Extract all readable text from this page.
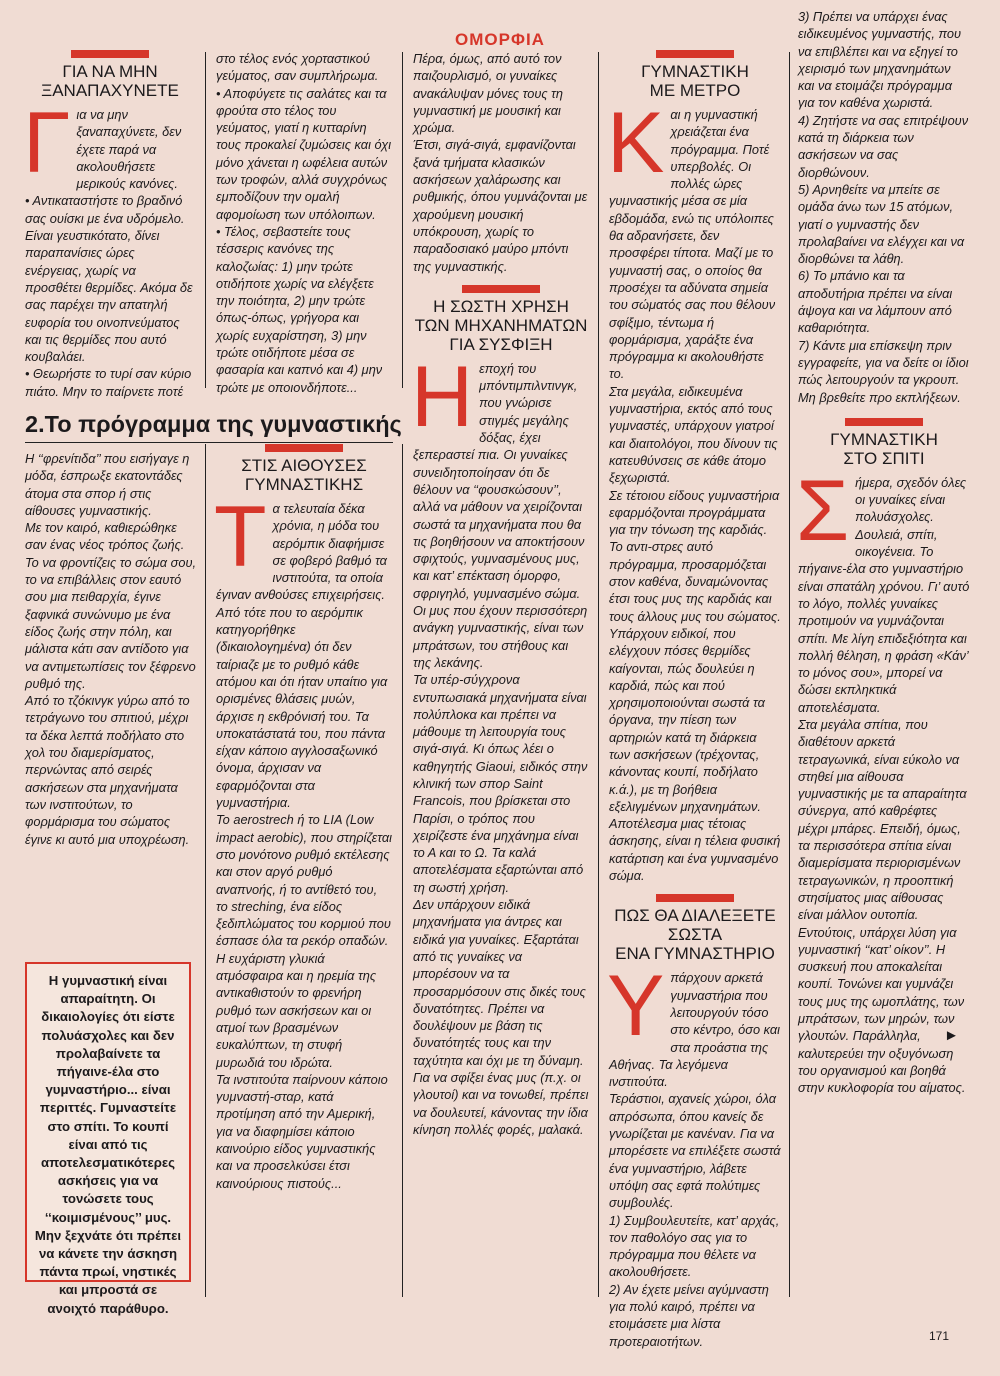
ΟΜΟΡΦΙΑ
ΓΙΑ ΝΑ ΜΗΝ
ΞΑΝΑΠΑΧΥΝΕΤΕ

Για να μην ξαναπαχύνετε, δεν έχετε παρά να ακολουθήσετε μερικούς κανόνες.

• Αντικαταστήστε το βραδινό σας ουίσκι με ένα υδρόμελο. Είναι γευστικότατο, δίνει παραπανίσιες ώρες ενέργειας, χωρίς να προσθέτει θερμίδες. Ακόμα δε σας παρέχει την απατηλή ευφορία του οινοπνεύματος και τις θερμίδες που αυτό κουβαλάει.

• Θεωρήστε το τυρί σαν κύριο πιάτο. Μην το παίρνετε ποτέ

στο τέλος ενός χορταστικού γεύματος, σαν συμπλήρωμα.

• Αποφύγετε τις σαλάτες και τα φρούτα στο τέλος του γεύματος, γιατί η κυτταρίνη τους προκαλεί ζυμώσεις και όχι μόνο χάνεται η ωφέλεια αυτών των τροφών, αλλά συγχρόνως εμποδίζουν την ομαλή αφομοίωση των υπόλοιπων.

• Τέλος, σεβαστείτε τους τέσσερις κανόνες της καλοζωίας: 1) μην τρώτε οτιδήποτε χωρίς να ελέγξετε την ποιότητα, 2) μην τρώτε όπως-όπως, γρήγορα και χωρίς ευχαρίστηση, 3) μην τρώτε οτιδήποτε μέσα σε φασαρία και καπνό και 4) μην τρώτε με οποιονδήποτε...

2.Το πρόγραμμα της γυμναστικής

Η ‘‘φρενίτιδα’’ που εισήγαγε η μόδα, έσπρωξε εκατοντάδες άτομα στα σπορ ή στις αίθουσες γυμναστικής.

Με τον καιρό, καθιερώθηκε σαν ένας νέος τρόπος ζωής. Το να φροντίζεις το σώμα σου, το να επιβάλλεις στον εαυτό σου μια πειθαρχία, έγινε ξαφνικά συνώνυμο με ένα είδος ζωής στην πόλη, και μάλιστα κάτι σαν αντίδοτο για να αντιμετωπίσεις τον ξέφρενο ρυθμό της.

Από το τζόκινγκ γύρω από το τετράγωνο του σπιτιού, μέχρι τα δέκα λεπτά ποδήλατο στο χολ του διαμερίσματος, περνώντας από σειρές ασκήσεων στα μηχανήματα των ινστιτούτων, το φορμάρισμα του σώματος έγινε κι αυτό μια υποχρέωση.

Η γυμναστική είναι απαραίτητη. Οι δικαιολογίες ότι είστε πολυάσχολες και δεν προλαβαίνετε τα πήγαινε-έλα στο γυμναστήριο... είναι περιττές. Γυμναστείτε στο σπίτι. Το κουπί είναι από τις αποτελεσματικότερες ασκήσεις για να τονώσετε τους ‘‘κοιμισμένους’’ μυς. Μην ξεχνάτε ότι πρέπει να κάνετε την άσκηση πάντα πρωί, νηστικές και μπροστά σε ανοιχτό παράθυρο.
ΣΤΙΣ ΑΙΘΟΥΣΕΣ
ΓΥΜΝΑΣΤΙΚΗΣ

Τα τελευταία δέκα χρόνια, η μόδα του αερόμπικ διαφήμισε σε φοβερό βαθμό τα ινστιτούτα, τα οποία έγιναν ανθούσες επιχειρήσεις. Από τότε που το αερόμπικ κατηγορήθηκε (δικαιολογημένα) ότι δεν ταίριαζε με το ρυθμό κάθε ατόμου και ότι ήταν υπαίτιο για ορισμένες θλάσεις μυών, άρχισε η εκθρόνισή του. Τα υποκατάστατά του, που πάντα είχαν κάποιο αγγλοσαξωνικό όνομα, άρχισαν να εφαρμόζονται στα γυμναστήρια.

Το aerostrech ή το LIA (Low impact aerobic), που στηρίζεται στο μονότονο ρυθμό εκτέλεσης και στον αργό ρυθμό αναπνοής, ή το αντίθετό του, το streching, ένα είδος ξεδιπλώματος του κορμιού που έσπασε όλα τα ρεκόρ οπαδών. Η ευχάριστη γλυκιά ατμόσφαιρα και η ηρεμία της αντικαθιστούν το φρενήρη ρυθμό των ασκήσεων και οι ατμοί των βρασμένων ευκαλύπτων, τη στυφή μυρωδιά του ιδρώτα.

Τα ινστιτούτα παίρνουν κάποιο γυμναστή-σταρ, κατά προτίμηση από την Αμερική, για να διαφημίσει κάποιο καινούριο είδος γυμναστικής και να προσελκύσει έτσι καινούριους πιστούς...

Πέρα, όμως, από αυτό τον παιζουρλισμό, οι γυναίκες ανακάλυψαν μόνες τους τη γυμναστική με μουσική και χρώμα.

Έτσι, σιγά-σιγά, εμφανίζονται ξανά τμήματα κλασικών ασκήσεων χαλάρωσης και ρυθμικής, όπου γυμνάζονται με χαρούμενη μουσική υπόκρουση, χωρίς το παραδοσιακό μαύρο μπόντι της γυμναστικής.

Η ΣΩΣΤΗ ΧΡΗΣΗ
ΤΩΝ ΜΗΧΑΝΗΜΑΤΩΝ
ΓΙΑ ΣΥΣΦΙΞΗ

Ηεποχή του μπόντιμπιλντινγκ, που γνώρισε στιγμές μεγάλης δόξας, έχει ξεπεραστεί πια. Οι γυναίκες συνειδητοποίησαν ότι δε θέλουν να ‘‘φουσκώσουν’’, αλλά να μάθουν να χειρίζονται σωστά τα μηχανήματα που θα τις βοηθήσουν να αποκτήσουν σφιχτούς, γυμνασμένους μυς, και κατ’ επέκταση όμορφο, σφριγηλό, γυμνασμένο σώμα. Οι μυς που έχουν περισσότερη ανάγκη γυμναστικής, είναι των μπράτσων, του στήθους και της λεκάνης.

Τα υπέρ-σύγχρονα εντυπωσιακά μηχανήματα είναι πολύπλοκα και πρέπει να μάθουμε τη λειτουργία τους σιγά-σιγά. Κι όπως λέει ο καθηγητής Giaoui, ειδικός στην κλινική των σπορ Saint Francois, που βρίσκεται στο Παρίσι, ο τρόπος που χειρίζεστε ένα μηχάνημα είναι το Α και το Ω. Τα καλά αποτελέσματα εξαρτώνται από τη σωστή χρήση.

Δεν υπάρχουν ειδικά μηχανήματα για άντρες και ειδικά για γυναίκες. Εξαρτάται από τις γυναίκες να μπορέσουν να τα προσαρμόσουν στις δικές τους δυνατότητες. Πρέπει να δουλέψουν με βάση τις δυνατότητές τους και την ταχύτητα και όχι με τη δύναμη. Για να σφίξει ένας μυς (π.χ. οι γλουτοί) και να τονωθεί, πρέπει να δουλευτεί, κάνοντας την ίδια κίνηση πολλές φορές, μαλακά.

ΓΥΜΝΑΣΤΙΚΗ
ΜΕ ΜΕΤΡΟ

Και η γυμναστική χρειάζεται ένα πρόγραμμα. Ποτέ υπερβολές. Οι πολλές ώρες γυμναστικής μέσα σε μία εβδομάδα, ενώ τις υπόλοιπες θα αδρανήσετε, δεν προσφέρει τίποτα. Μαζί με το γυμναστή σας, ο οποίος θα προσέχει τα αδύνατα σημεία του σώματός σας που θέλουν σφίξιμο, τέντωμα ή φορμάρισμα, χαράξτε ένα πρόγραμμα κι ακολουθήστε το.

Στα μεγάλα, ειδικευμένα γυμναστήρια, εκτός από τους γυμναστές, υπάρχουν γιατροί και διαιτολόγοι, που δίνουν τις κατευθύνσεις σε κάθε άτομο ξεχωριστά.

Σε τέτοιου είδους γυμναστήρια εφαρμόζονται προγράμματα για την τόνωση της καρδιάς.

Το αντι-στρες αυτό πρόγραμμα, προσαρμόζεται στον καθένα, δυναμώνοντας έτσι τους μυς της καρδιάς και τους άλλους μυς του σώματος. Υπάρχουν ειδικοί, που ελέγχουν πόσες θερμίδες καίγονται, πώς δουλεύει η καρδιά, πώς και πού χρησιμοποιούνται σωστά τα όργανα, την πίεση των αρτηριών κατά τη διάρκεια των ασκήσεων (τρέχοντας, κάνοντας κουπί, ποδήλατο κ.ά.), με τη βοήθεια εξελιγμένων μηχανημάτων.

Αποτέλεσμα μιας τέτοιας άσκησης, είναι η τέλεια φυσική κατάρτιση και ένα γυμνασμένο σώμα.

ΠΩΣ ΘΑ ΔΙΑΛΕΞΕΤΕ ΣΩΣΤΑ
ΕΝΑ ΓΥΜΝΑΣΤΗΡΙΟ

Υπάρχουν αρκετά γυμναστήρια που λειτουργούν τόσο στο κέντρο, όσο και στα προάστια της Αθήνας. Τα λεγόμενα ινστιτούτα.

Τεράστιοι, αχανείς χώροι, όλα απρόσωπα, όπου κανείς δε γνωρίζεται με κανέναν. Για να μπορέσετε να επιλέξετε σωστά ένα γυμναστήριο, λάβετε υπόψη σας εφτά πολύτιμες συμβουλές.

1) Συμβουλευτείτε, κατ’ αρχάς, τον παθολόγο σας για το πρόγραμμα που θέλετε να ακολουθήσετε.

2) Αν έχετε μείνει αγύμναστη για πολύ καιρό, πρέπει να ετοιμάσετε μια λίστα προτεραιοτήτων.

3) Πρέπει να υπάρχει ένας ειδικευμένος γυμναστής, που να επιβλέπει και να εξηγεί το χειρισμό των μηχανημάτων και να ετοιμάζει πρόγραμμα για τον καθένα χωριστά.

4) Ζητήστε να σας επιτρέψουν κατά τη διάρκεια των ασκήσεων να σας διορθώνουν.

5) Αρνηθείτε να μπείτε σε ομάδα άνω των 15 ατόμων, γιατί ο γυμναστής δεν προλαβαίνει να ελέγχει και να διορθώνει τα λάθη.

6) Το μπάνιο και τα αποδυτήρια πρέπει να είναι άψογα και να λάμπουν από καθαριότητα.

7) Κάντε μια επίσκεψη πριν εγγραφείτε, για να δείτε οι ίδιοι πώς λειτουργούν τα γκρουπ. Μη βρεθείτε προ εκπλήξεων.

ΓΥΜΝΑΣΤΙΚΗ
ΣΤΟ ΣΠΙΤΙ

Σήμερα, σχεδόν όλες οι γυναίκες είναι πολυάσχολες. Δουλειά, σπίτι, οικογένεια. Το πήγαινε-έλα στο γυμναστήριο είναι σπατάλη χρόνου. Γι’ αυτό το λόγο, πολλές γυναίκες προτιμούν να γυμνάζονται σπίτι. Με λίγη επιδεξιότητα και πολλή θέληση, η φράση «Κάν’ το μόνος σου», μπορεί να δώσει εκπληκτικά αποτελέσματα.

Στα μεγάλα σπίτια, που διαθέτουν αρκετά τετραγωνικά, είναι εύκολο να στηθεί μια αίθουσα γυμναστικής με τα απαραίτητα σύνεργα, από καθρέφτες μέχρι μπάρες. Επειδή, όμως, τα περισσότερα σπίτια είναι διαμερίσματα περιορισμένων τετραγωνικών, η προοπτική στησίματος μιας αίθουσας είναι μάλλον ουτοπία. Εντούτοις, υπάρχει λύση για γυμναστική ‘‘κατ’ οίκον’’. Η συσκευή που αποκαλείται κουπί. Τονώνει και γυμνάζει τους μυς της ωμοπλάτης, των μπράτσων, των μηρών, των γλουτών. Παράλληλα, καλυτερεύει την οξυγόνωση του οργανισμού και βοηθά στην κυκλοφορία του αίματος.

►
171
